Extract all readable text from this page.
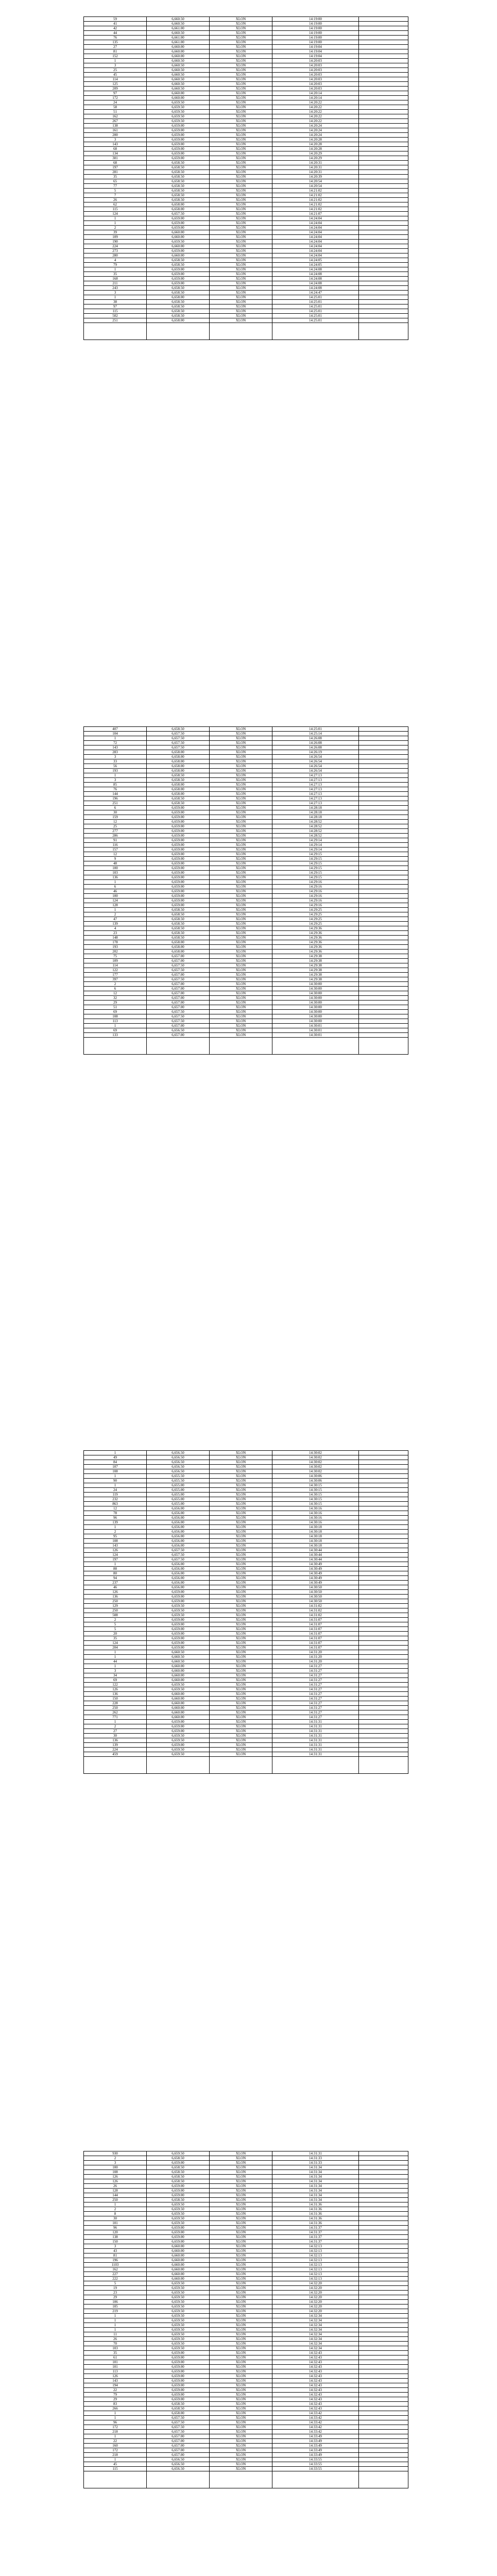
59	6,660.50	XLON	14:19:00	
41	6,660.50	XLON	14:19:00	
42	6,661.00	XLON	14:19:00	
44	6,660.50	XLON	14:19:00	
76	6,661.00	XLON	14:19:00	
135	6,661.00	XLON	14:19:00	
27	6,660.00	XLON	14:19:04	
81	6,660.00	XLON	14:19:04	
152	6,660.00	XLON	14:19:04	
1	6,660.50	XLON	14:20:03	
3	6,660.50	XLON	14:20:03	
25	6,660.50	XLON	14:20:03	
45	6,660.50	XLON	14:20:03	
114	6,660.50	XLON	14:20:03	
125	6,660.50	XLON	14:20:03	
209	6,660.50	XLON	14:20:03	
97	6,660.00	XLON	14:20:14	
172	6,660.00	XLON	14:20:14	
24	6,659.50	XLON	14:20:22	
58	6,659.50	XLON	14:20:22	
51	6,659.50	XLON	14:20:22	
162	6,659.50	XLON	14:20:22	
267	6,659.50	XLON	14:20:22	
138	6,659.00	XLON	14:20:24	
161	6,659.00	XLON	14:20:24	
200	6,659.00	XLON	14:20:24	
3	6,659.00	XLON	14:20:28	
143	6,659.00	XLON	14:20:28	
68	6,659.00	XLON	14:20:28	
134	6,659.00	XLON	14:20:29	
301	6,659.00	XLON	14:20:29	
68	6,658.50	XLON	14:20:31	
197	6,658.50	XLON	14:20:31	
281	6,658.50	XLON	14:20:31	
35	6,658.50	XLON	14:20:39	
65	6,658.50	XLON	14:20:54	
77	6,658.50	XLON	14:20:54	
5	6,658.50	XLON	14:21:02	
7	6,658.50	XLON	14:21:02	
26	6,658.50	XLON	14:21:02	
62	6,658.00	XLON	14:21:02	
115	6,658.00	XLON	14:21:02	
124	6,657.50	XLON	14:21:07	
1	6,659.00	XLON	14:24:04	
1	6,659.00	XLON	14:24:04	
2	6,659.00	XLON	14:24:04	
39	6,660.00	XLON	14:24:04	
109	6,660.00	XLON	14:24:04	
190	6,659.50	XLON	14:24:04	
224	6,660.00	XLON	14:24:04	
273	6,659.00	XLON	14:24:04	
280	6,660.00	XLON	14:24:04	
4	6,658.50	XLON	14:24:05	
79	6,658.50	XLON	14:24:05	
1	6,659.00	XLON	14:24:08	
35	6,659.00	XLON	14:24:08	
168	6,659.00	XLON	14:24:08	
211	6,659.00	XLON	14:24:08	
243	6,658.50	XLON	14:24:08	
3	6,658.50	XLON	14:24:47	
1	6,658.00	XLON	14:25:01	
38	6,658.50	XLON	14:25:01	
97	6,658.50	XLON	14:25:01	
115	6,658.50	XLON	14:25:01	
502	6,658.50	XLON	14:25:01	
251	6,658.00	XLON	14:25:01	

407	6,658.50	XLON	14:25:01	
104	6,657.50	XLON	14:25:14	
1	6,657.50	XLON	14:26:08	
72	6,657.50	XLON	14:26:08	
143	6,657.50	XLON	14:26:08	
283	6,658.00	XLON	14:26:19	
3	6,658.00	XLON	14:26:54	
33	6,658.00	XLON	14:26:54	
56	6,658.00	XLON	14:26:54	
193	6,658.00	XLON	14:26:54	
1	6,658.50	XLON	14:27:13	
3	6,658.50	XLON	14:27:13	
85	6,658.00	XLON	14:27:13	
76	6,658.00	XLON	14:27:13	
144	6,658.00	XLON	14:27:13	
196	6,658.50	XLON	14:27:13	
251	6,658.50	XLON	14:27:13	
6	6,659.00	XLON	14:28:18	
30	6,659.00	XLON	14:28:18	
159	6,659.00	XLON	14:28:18	
12	6,659.00	XLON	14:28:52	
25	6,659.00	XLON	14:28:52	
277	6,659.00	XLON	14:28:52	
286	6,659.00	XLON	14:28:52	
91	6,659.00	XLON	14:29:14	
116	6,659.00	XLON	14:29:14	
157	6,659.00	XLON	14:29:14	
12	6,659.00	XLON	14:29:15	
9	6,659.00	XLON	14:29:15	
48	6,659.00	XLON	14:29:15	
100	6,659.00	XLON	14:29:15	
103	6,659.00	XLON	14:29:15	
136	6,659.00	XLON	14:29:15	
1	6,659.00	XLON	14:29:16	
6	6,659.00	XLON	14:29:16	
46	6,659.00	XLON	14:29:16	
100	6,659.00	XLON	14:29:16	
124	6,659.00	XLON	14:29:16	
128	6,659.00	XLON	14:29:16	
1	6,658.50	XLON	14:29:25	
2	6,658.50	XLON	14:29:25	
47	6,658.50	XLON	14:29:25	
139	6,658.50	XLON	14:29:25	
4	6,658.50	XLON	14:29:36	
23	6,658.50	XLON	14:29:36	
148	6,658.50	XLON	14:29:36	
178	6,658.00	XLON	14:29:36	
193	6,658.00	XLON	14:29:36	
202	6,658.00	XLON	14:29:36	
75	6,657.00	XLON	14:29:38	
109	6,657.00	XLON	14:29:38	
114	6,657.50	XLON	14:29:38	
122	6,657.50	XLON	14:29:38	
177	6,657.00	XLON	14:29:38	
397	6,657.50	XLON	14:29:38	
2	6,657.00	XLON	14:30:00	
6	6,657.00	XLON	14:30:00	
12	6,657.00	XLON	14:30:00	
32	6,657.00	XLON	14:30:00	
29	6,657.00	XLON	14:30:00	
51	6,657.00	XLON	14:30:00	
69	6,657.50	XLON	14:30:00	
108	6,657.50	XLON	14:30:00	
113	6,657.50	XLON	14:30:00	
1	6,657.00	XLON	14:30:01	
69	6,656.50	XLON	14:30:01	
133	6,657.00	XLON	14:30:01	

1	6,656.50	XLON	14:30:02	
49	6,656.50	XLON	14:30:02	
84	6,656.50	XLON	14:30:02	
107	6,656.50	XLON	14:30:02	
108	6,656.50	XLON	14:30:02	
1	6,655.50	XLON	14:30:06	
90	6,655.50	XLON	14:30:06	
1	6,655.00	XLON	14:30:15	
24	6,655.00	XLON	14:30:15	
119	6,655.00	XLON	14:30:15	
232	6,655.00	XLON	14:30:15	
863	6,655.00	XLON	14:30:15	
12	6,656.00	XLON	14:30:16	
78	6,656.00	XLON	14:30:16	
96	6,656.00	XLON	14:30:16	
139	6,656.00	XLON	14:30:16	
1	6,656.00	XLON	14:30:18	
2	6,656.00	XLON	14:30:18	
95	6,656.00	XLON	14:30:18	
108	6,656.00	XLON	14:30:18	
143	6,656.00	XLON	14:30:18	
126	6,657.50	XLON	14:30:44	
124	6,657.50	XLON	14:30:44	
197	6,657.50	XLON	14:30:44	
1	6,656.00	XLON	14:30:49	
88	6,656.00	XLON	14:30:49	
80	6,656.00	XLON	14:30:49	
94	6,656.00	XLON	14:30:49	
237	6,656.00	XLON	14:30:49	
46	6,656.00	XLON	14:30:50	
126	6,659.00	XLON	14:30:50	
136	6,659.00	XLON	14:30:50	
250	6,659.00	XLON	14:30:50	
129	6,659.50	XLON	14:31:02	
250	6,659.50	XLON	14:31:02	
508	6,659.50	XLON	14:31:02	
2	6,659.00	XLON	14:31:07	
5	6,659.00	XLON	14:31:07	
5	6,659.00	XLON	14:31:07	
20	6,659.00	XLON	14:31:07	
35	6,659.00	XLON	14:31:07	
124	6,659.00	XLON	14:31:07	
204	6,659.00	XLON	14:31:07	
1	6,660.50	XLON	14:31:20	
1	6,660.50	XLON	14:31:20	
44	6,660.50	XLON	14:31:20	
1	6,660.00	XLON	14:31:27	
3	6,660.00	XLON	14:31:27	
34	6,660.00	XLON	14:31:27	
69	6,660.00	XLON	14:31:27	
122	6,659.50	XLON	14:31:27	
126	6,659.50	XLON	14:31:27	
136	6,660.00	XLON	14:31:27	
150	6,660.00	XLON	14:31:27	
228	6,660.00	XLON	14:31:27	
250	6,660.00	XLON	14:31:27	
262	6,660.00	XLON	14:31:27	
771	6,660.00	XLON	14:31:27	
1	6,659.00	XLON	14:31:31	
2	6,659.00	XLON	14:31:31	
27	6,659.00	XLON	14:31:31	
30	6,659.50	XLON	14:31:31	
136	6,659.50	XLON	14:31:31	
139	6,659.00	XLON	14:31:31	
224	6,659.50	XLON	14:31:31	
459	6,659.50	XLON	14:31:31	

930	6,659.50	XLON	14:31:31	
2	6,658.50	XLON	14:31:33	
3	6,659.00	XLON	14:31:33	
100	6,658.50	XLON	14:31:34	
108	6,658.50	XLON	14:31:34	
126	6,658.50	XLON	14:31:34	
126	6,658.50	XLON	14:31:34	
26	6,659.00	XLON	14:31:34	
128	6,659.00	XLON	14:31:34	
144	6,659.00	XLON	14:31:34	
250	6,658.50	XLON	14:31:34	
1	6,659.50	XLON	14:31:36	
2	6,659.50	XLON	14:31:36	
8	6,659.50	XLON	14:31:36	
30	6,659.50	XLON	14:31:36	
101	6,659.50	XLON	14:31:36	
96	6,659.00	XLON	14:31:37	
120	6,659.00	XLON	14:31:37	
138	6,659.00	XLON	14:31:37	
150	6,659.00	XLON	14:31:37	
3	6,660.00	XLON	14:32:13	
43	6,660.00	XLON	14:32:13	
81	6,660.00	XLON	14:32:13	
196	6,660.00	XLON	14:32:13	
1103	6,660.00	XLON	14:32:13	
162	6,660.00	XLON	14:32:13	
227	6,660.00	XLON	14:32:13	
222	6,660.00	XLON	14:32:13	
5	6,659.50	XLON	14:32:20	
19	6,659.50	XLON	14:32:20	
23	6,659.50	XLON	14:32:20	
29	6,659.50	XLON	14:32:20	
106	6,659.50	XLON	14:32:20	
105	6,659.50	XLON	14:32:20	
219	6,659.50	XLON	14:32:20	
1	6,659.50	XLON	14:32:34	
1	6,659.50	XLON	14:32:34	
1	6,659.50	XLON	14:32:34	
1	6,659.50	XLON	14:32:34	
11	6,659.50	XLON	14:32:34	
26	6,659.50	XLON	14:32:34	
70	6,659.50	XLON	14:32:34	
103	6,659.50	XLON	14:32:34	
35	6,659.00	XLON	14:32:43	
61	6,659.00	XLON	14:32:43	
101	6,659.00	XLON	14:32:43	
101	6,659.00	XLON	14:32:43	
113	6,659.00	XLON	14:32:43	
126	6,659.00	XLON	14:32:43	
143	6,659.00	XLON	14:32:43	
194	6,659.00	XLON	14:32:43	
22	6,659.00	XLON	14:32:43	
79	6,659.00	XLON	14:32:43	
29	6,659.00	XLON	14:32:43	
83	6,658.50	XLON	14:32:43	
266	6,658.50	XLON	14:32:43	
1	6,658.00	XLON	14:33:42	
1	6,657.50	XLON	14:33:42	
96	6,657.50	XLON	14:33:42	
172	6,657.50	XLON	14:33:42	
218	6,657.50	XLON	14:33:42	
1	6,657.00	XLON	14:33:49	
22	6,657.00	XLON	14:33:49	
160	6,657.00	XLON	14:33:49	
172	6,657.00	XLON	14:33:49	
218	6,657.00	XLON	14:33:49	
1	6,656.50	XLON	14:33:55	
45	6,656.50	XLON	14:33:55	
115	6,656.50	XLON	14:33:55	
